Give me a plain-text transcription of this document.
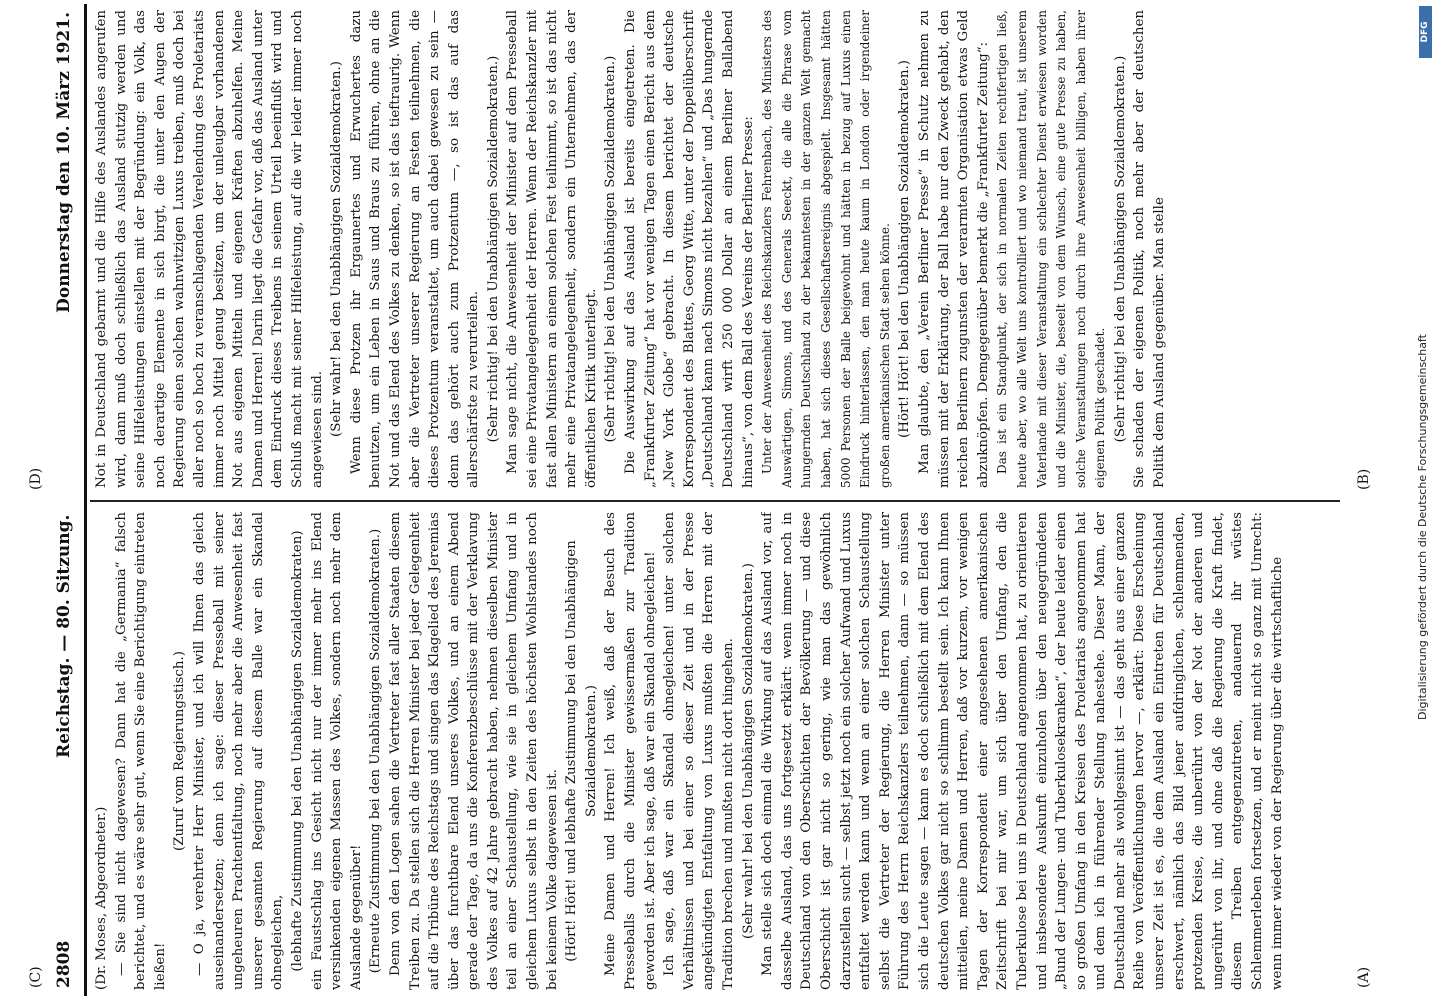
2808
Reichstag. — 80. Sitzung.
Donnerstag den 10. März 1921.
(A)
(B)
(C)
(D)

(Dr. Moses, Abgeordneter.) — Sie sind nicht dagewesen? Dann hat die „Germania“ falsch berichtet, und es wäre sehr gut, wenn Sie eine Berichtigung eintreten ließen!

(Zuruf vom Regierungstisch.) — O ja, verehrter Herr Minister, und ich will Ihnen das gleich auseinandersetzen; denn ich sage: dieser Presseball mit seiner ungeheuren Prachtentfaltung, noch mehr aber die Anwesenheit fast unserer gesamten Regierung auf diesem Balle war ein Skandal ohnegleichen, (lebhafte Zustimmung bei den Unabhängigen Sozialdemokraten) ein Faustschlag ins Gesicht nicht nur der immer mehr ins Elend versinkenden eigenen Massen des Volkes, sondern noch mehr dem Auslande gegenüber! (Erneute Zustimmung bei den Unabhängigen Sozialdemokraten.) Denn von den Logen sahen die Vertreter fast aller Staaten diesem Treiben zu. Da stellen sich die Herren Minister bei jeder Gelegenheit auf die Tribüne des Reichstags und singen das Klagelied des Jeremias über das furchtbare Elend unseres Volkes, und an einem Abend gerade der Tage, da uns die Konferenzbeschlüsse mit der Verklavung des Volkes auf 42 Jahre gebracht haben, nehmen dieselben Minister teil an einer Schaustellung, wie sie in gleichem Umfang und in gleichem Luxus selbst in den Zeiten des höchsten Wohlstandes noch bei keinem Volke dagewesen ist. (Hört! Hört! und lebhafte Zustimmung bei den Unabhängigen Sozialdemokraten.) Meine Damen und Herren! Ich weiß, daß der Besuch des Presseballs durch die Minister gewissermaßen zur Tradition geworden ist. Aber ich sage, daß war ein Skandal ohnegleichen! Ich sage, daß war ein Skandal ohnegleichen! unter solchen Verhältnissen und bei einer so dieser Zeit und in der Presse angekündigten Entfaltung von Luxus mußten die Herren mit der Tradition brechen und mußten nicht dort hingehen. (Sehr wahr! bei den Unabhängigen Sozialdemokraten.) Man stelle sich doch einmal die Wirkung auf das Ausland vor, auf dasselbe Ausland, das uns fortgesetzt erklärt: wenn immer noch in Deutschland von den Oberschichten der Bevölkerung — und diese Oberschicht ist gar nicht so gering, wie man das gewöhnlich darzustellen sucht — selbst jetzt noch ein solcher Aufwand und Luxus entfaltet werden kann und wenn an einer solchen Schaustellung selbst die Vertreter der Regierung, die Herren Minister unter Führung des Herrn Reichskanzlers teilnehmen, dann — so müssen sich die Leute sagen — kann es doch schließlich mit dem Elend des deutschen Volkes gar nicht so schlimm bestellt sein. Ich kann Ihnen mitteilen, meine Damen und Herren, daß vor kurzem, vor wenigen Tagen der Korrespondent einer angesehenen amerikanischen Zeitschrift bei mir war, um sich über den Umfang, den die Tuberkulose bei uns in Deutschland angenommen hat, zu orientieren und insbesondere Auskunft einzuholen über den neugegründeten „Bund der Lungen- und Tuberkulosekranken“, der heute leider einen so großen Umfang in den Kreisen des Proletariats angenommen hat und dem ich in führender Stellung nahestehe. Dieser Mann, der Deutschland mehr als wohlgesinnt ist — das geht aus einer ganzen Reihe von Veröffentlichungen hervor —, erklärt: Diese Erscheinung unserer Zeit ist es, die dem Ausland ein Eintreten für Deutschland erschwert, nämlich das Bild jener aufdringlichen, schlemmenden, protzenden Kreise, die unberührt von der Not der anderen und ungerührt von ihr, und ohne daß die Regierung die Kraft findet, diesem Treiben entgegenzutreten, andauernd ihr wüstes Schlemmerleben fortsetzen, und er meint nicht so ganz mit Unrecht: wenn immer wieder von der Regierung über die wirtschaftliche

Not in Deutschland gebarmt und die Hilfe des Auslandes angerufen wird, dann muß doch schließlich das Ausland stutzig werden und seine Hilfeleistungen einstellen mit der Begründung: ein Volk, das noch derartige Elemente in sich birgt, die unter den Augen der Regierung einen solchen wahnwitzigen Luxus treiben, muß doch bei aller noch so hoch zu veranschlagenden Verelendung des Proletariats immer noch Mittel genug besitzen, um der unleugbar vorhandenen Not aus eigenen Mitteln und eigenen Kräften abzuhelfen. Meine Damen und Herren! Darin liegt die Gefahr vor, daß das Ausland unter dem Eindruck dieses Treibens in seinem Urteil beeinflußt wird und Schluß macht mit seiner Hilfeleistung, auf die wir leider immer noch angewiesen sind. (Sehr wahr! bei den Unabhängigen Sozialdemokraten.) Wenn diese Protzen ihr Ergaunertes und Erwuchertes dazu benutzen, um ein Leben in Saus und Braus zu führen, ohne an die Not und das Elend des Volkes zu denken, so ist das tieftraurig. Wenn aber die Vertreter unserer Regierung an Festen teilnehmen, die dieses Protzentum veranstaltet, um auch dabei gewesen zu sein — denn das gehört auch zum Protzentum —, so ist das auf das allerschärfste zu verurteilen. (Sehr richtig! bei den Unabhängigen Sozialdemokraten.) Man sage nicht, die Anwesenheit der Minister auf dem Presseball sei eine Privatangelegenheit der Herren. Wenn der Reichskanzler mit fast allen Ministern an einem solchen Fest teilnimmt, so ist das nicht mehr eine Privatangelegenheit, sondern ein Unternehmen, das der öffentlichen Kritik unterliegt. (Sehr richtig! bei den Unabhängigen Sozialdemokraten.) Die Auswirkung auf das Ausland ist bereits eingetreten. Die „Frankfurter Zeitung“ hat vor wenigen Tagen einen Bericht aus dem „New York Globe“ gebracht. In diesem berichtet der deutsche Korrespondent des Blattes, Georg Witte, unter der Doppelüberschrift „Deutschland kann nach Simons nicht bezahlen“ und „Das hungernde Deutschland wirft 250 000 Dollar an einem Berliner Ballabend hinaus“, von dem Ball des Vereins der Berliner Presse: Unter der Anwesenheit des Reichskanzlers Fehrenbach, des Ministers des Auswärtigen, Simons, und des Generals Seeckt, die alle die Phrase vom hungernden Deutschland zu der bekanntesten in der ganzen Welt gemacht haben, hat sich dieses Gesellschaftsereignis abgespielt. Insgesamt hätten 5000 Personen der Balle beigewohnt und hätten in bezug auf Luxus einen Eindruck hinterlassen, den man heute kaum in London oder irgendeiner großen amerikanischen Stadt sehen könne. (Hört! Hört! bei den Unabhängigen Sozialdemokraten.) Man glaubte, den „Verein Berliner Presse“ in Schutz nehmen zu müssen mit der Erklärung, der Ball habe nur den Zweck gehabt, den reichen Berlinern zugunsten der verarmten Organisation etwas Geld abzuknöpfen. Demgegenüber bemerkt die „Frankfurter Zeitung“: Das ist ein Standpunkt, der sich in normalen Zeiten rechtfertigen ließ, heute aber, wo alle Welt uns kontrolliert und wo niemand traut, ist unserem Vaterlande mit dieser Veranstaltung ein schlechter Dienst erwiesen worden und die Minister, die, beseelt von dem Wunsch, eine gute Presse zu haben, solche Veranstaltungen noch durch ihre Anwesenheit billigen, haben ihrer eigenen Politik geschadet. (Sehr richtig! bei den Unabhängigen Sozialdemokraten.) Sie schaden der eigenen Politik, noch mehr aber der deutschen Politik dem Ausland gegenüber. Man stelle	Digitalisierung gefördert durch die Deutsche Forschungsgemeinschaft
DFG
